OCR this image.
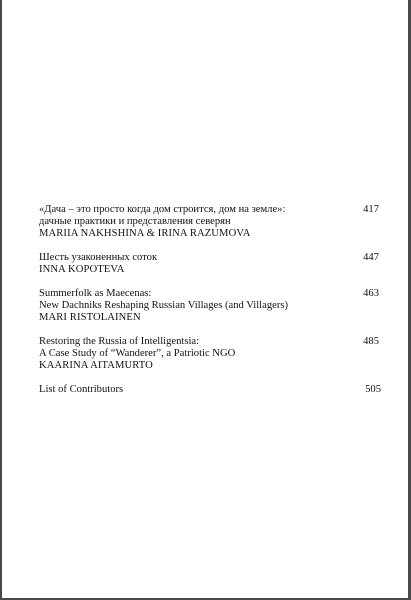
«Дача – это просто когда дом строится, дом на земле»:
дачные практики и представления северян
MARIIA NAKHSHINA & IRINA RAZUMOVA
417
Шесть узаконенных соток
INNA KOPOTEVA
447
Summerfolk as Maecenas:
New Dachniks Reshaping Russian Villages (and Villagers)
MARI RISTOLAINEN
463
Restoring the Russia of Intelligentsia:
A Case Study of “Wanderer”, a Patriotic NGO
KAARINA AITAMURTO
485
List of Contributors	505
